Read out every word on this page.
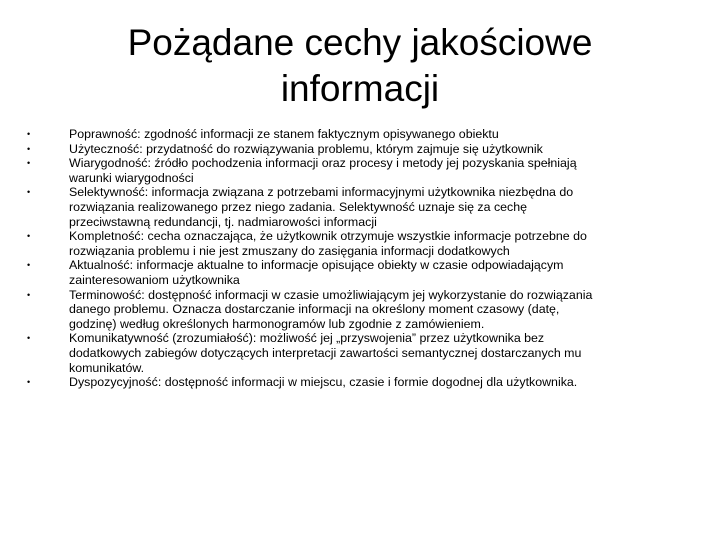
Pożądane cechy jakościowe
informacji
•	Poprawność: zgodność informacji ze stanem faktycznym opisywanego obiektu
•	Użyteczność: przydatność do rozwiązywania problemu, którym zajmuje się użytkownik
•	Wiarygodność: źródło pochodzenia informacji oraz procesy i metody jej pozyskania spełniają
warunki wiarygodności
•	Selektywność: informacja związana z potrzebami informacyjnymi użytkownika niezbędna do
rozwiązania realizowanego przez niego zadania. Selektywność uznaje się za cechę
przeciwstawną redundancji, tj. nadmiarowości informacji
•	Kompletność: cecha oznaczająca, że użytkownik otrzymuje wszystkie informacje potrzebne do
rozwiązania problemu i nie jest zmuszany do zasięgania informacji dodatkowych
•	Aktualność: informacje aktualne to informacje opisujące obiekty w czasie odpowiadającym
zainteresowaniom użytkownika
•	Terminowość: dostępność informacji w czasie umożliwiającym jej wykorzystanie do rozwiązania
danego problemu. Oznacza dostarczanie informacji na określony moment czasowy (datę,
godzinę) według określonych harmonogramów lub zgodnie z zamówieniem.
•	Komunikatywność (zrozumiałość): możliwość jej „przyswojenia” przez użytkownika bez
dodatkowych zabiegów dotyczących interpretacji zawartości semantycznej dostarczanych mu
komunikatów.
•	Dyspozycyjność: dostępność informacji w miejscu, czasie i formie dogodnej dla użytkownika.
